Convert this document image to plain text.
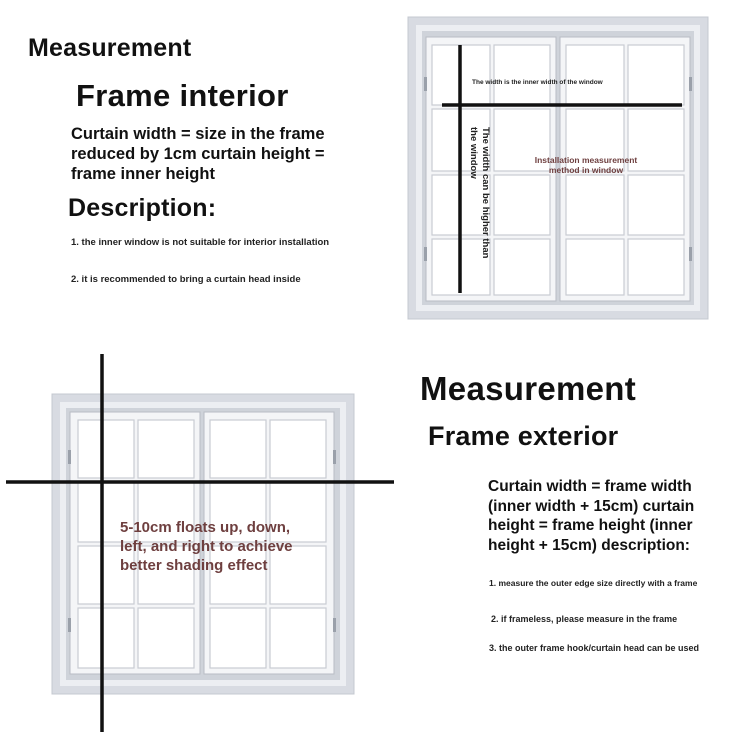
Measurement
Frame interior
Curtain width = size in the frame reduced by 1cm curtain height = frame inner height
Description:
1. the inner window is not suitable for interior installation
2. it is recommended to bring a curtain head inside
The width is the inner width of the window
The width can be higher than the window	Installation measurement method in window
5-10cm floats up, down, left, and right to achieve better shading effect
Measurement
Frame exterior
Curtain width = frame width (inner width + 15cm) curtain height = frame height (inner height + 15cm) description:
1. measure the outer edge size directly with a frame
2. if frameless, please measure in the frame
3. the outer frame hook/curtain head can be used
